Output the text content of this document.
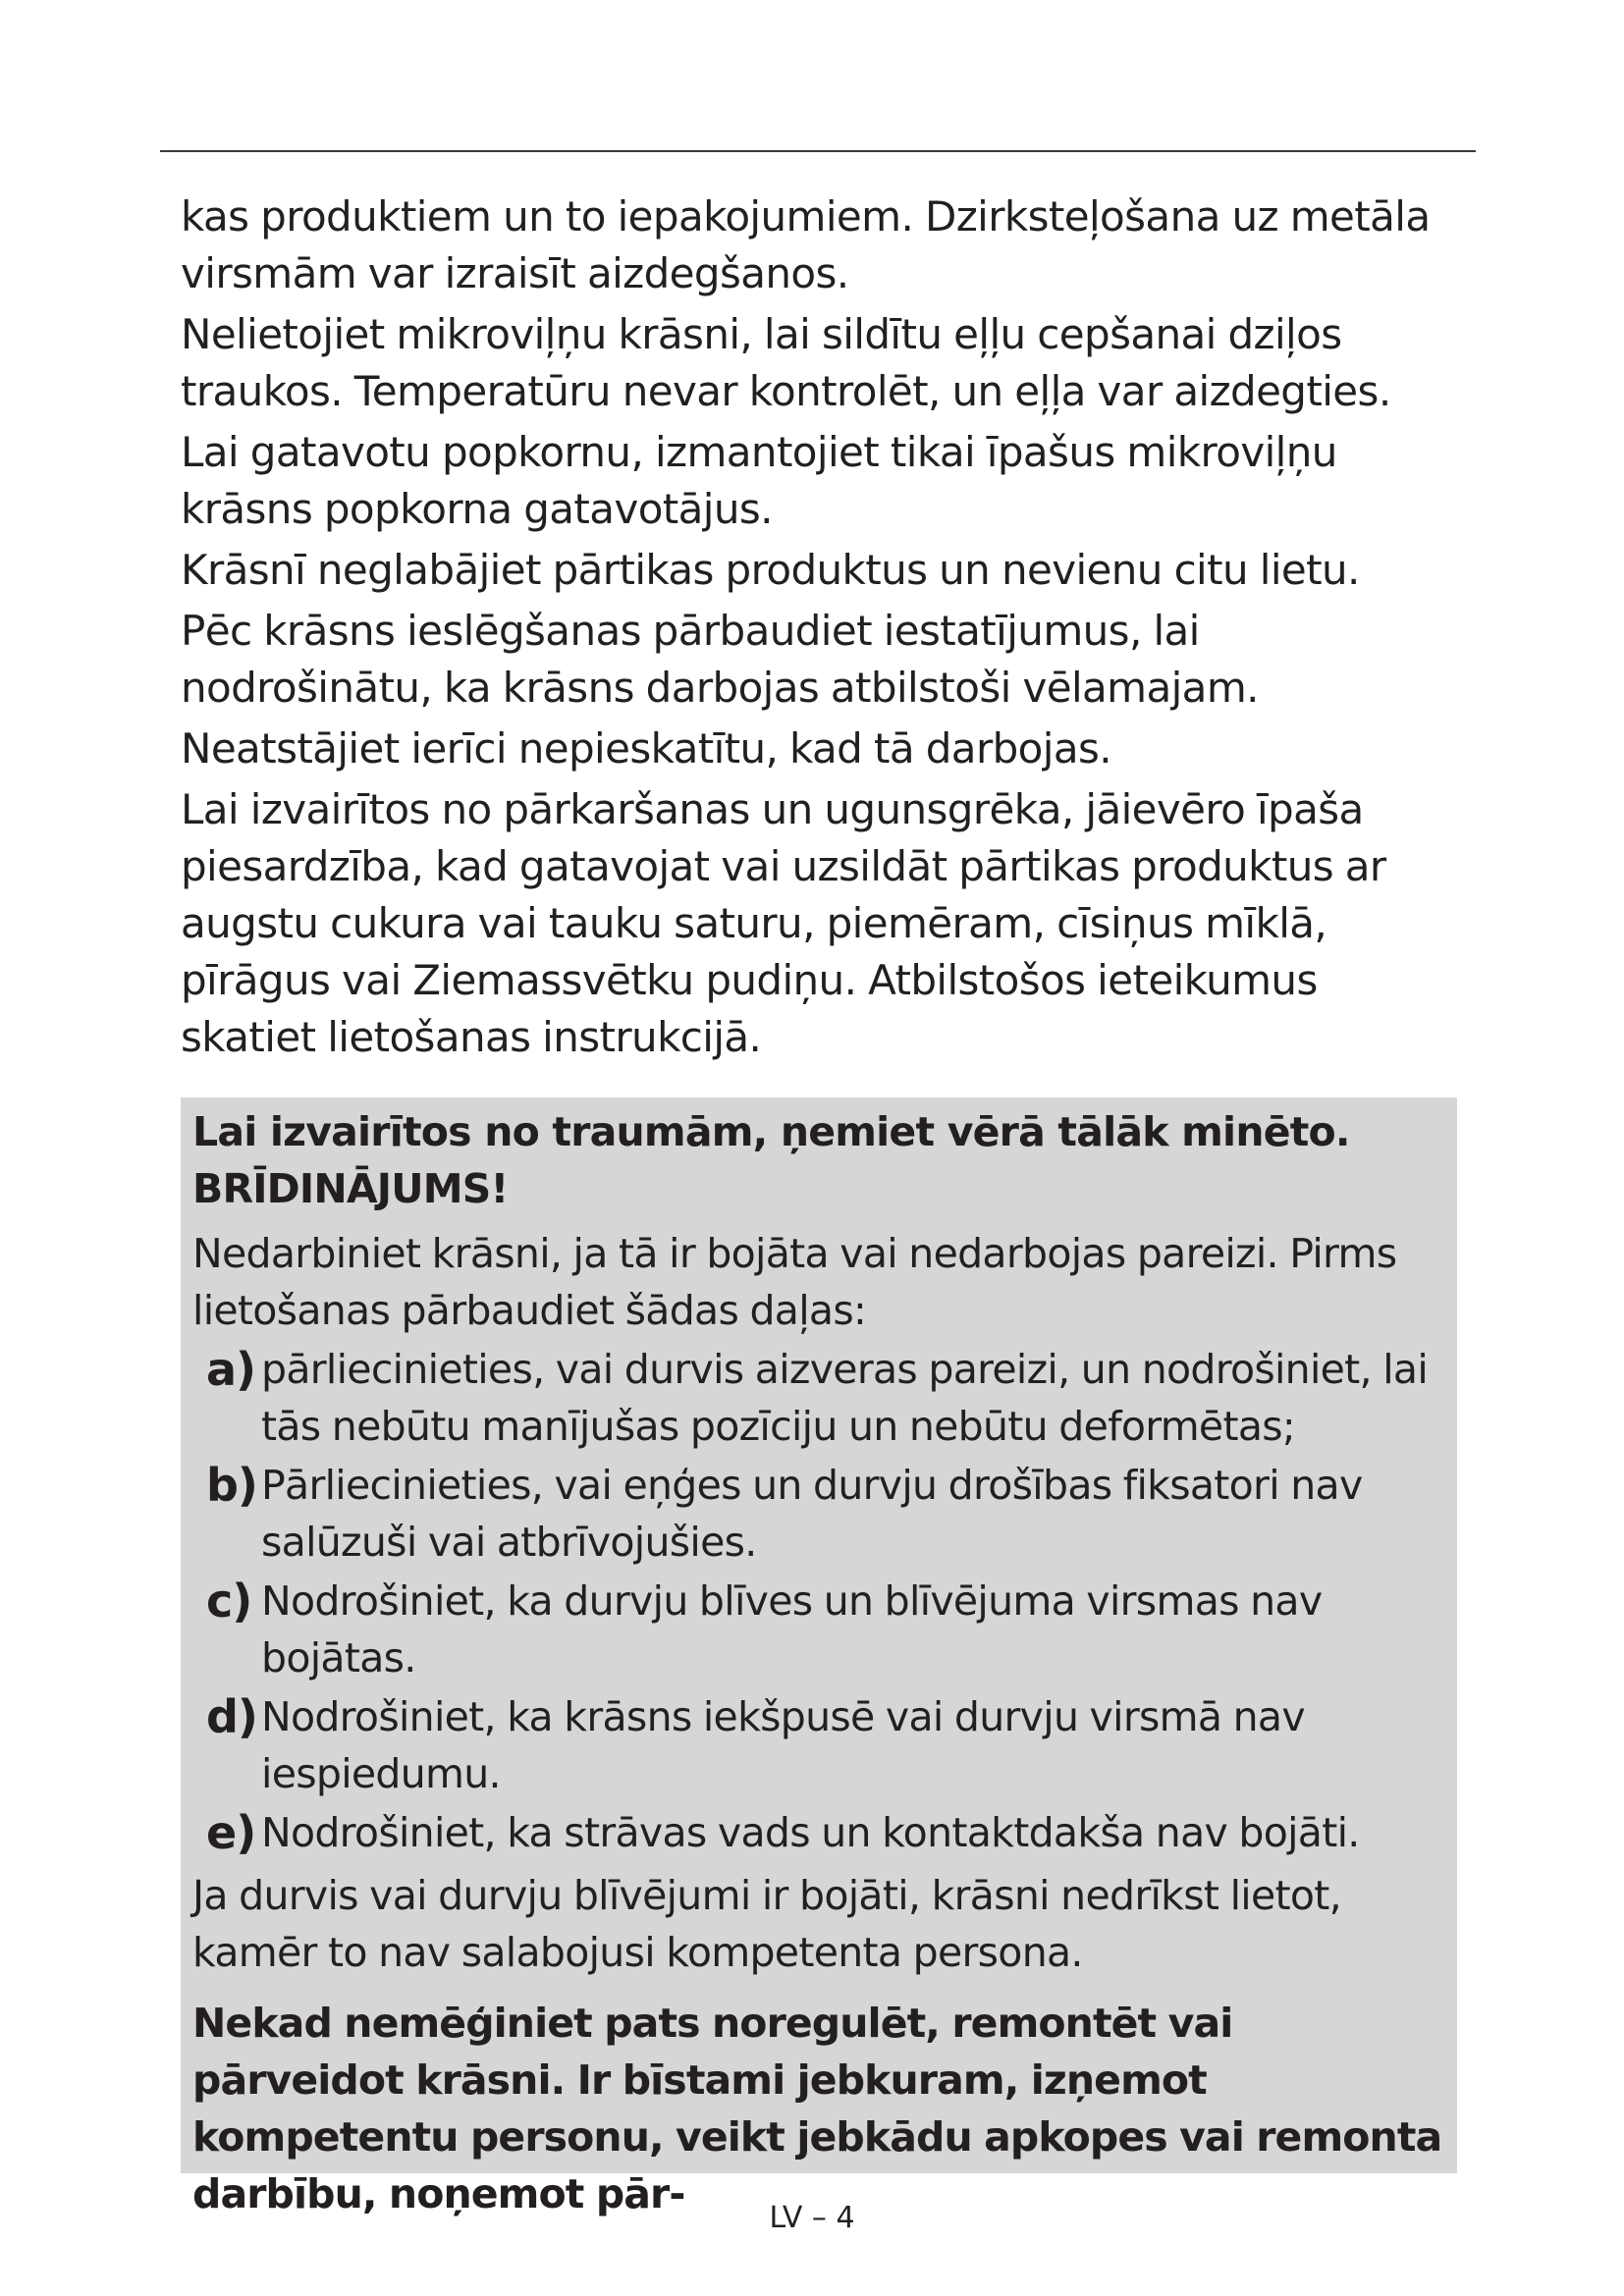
kas produktiem un to iepakojumiem. Dzirksteļošana uz metāla virsmām var izraisīt aizdegšanos.

Nelietojiet mikroviļņu krāsni, lai sildītu eļļu cepšanai dziļos traukos. Temperatūru nevar kontrolēt, un eļļa var aizdegties.

Lai gatavotu popkornu, izmantojiet tikai īpašus mikroviļņu krāsns popkorna gatavotājus.

Krāsnī neglabājiet pārtikas produktus un nevienu citu lietu.

Pēc krāsns ieslēgšanas pārbaudiet iestatījumus, lai nodrošinātu, ka krāsns darbojas atbilstoši vēlamajam.

Neatstājiet ierīci nepieskatītu, kad tā darbojas.

Lai izvairītos no pārkaršanas un ugunsgrēka, jāievēro īpaša piesardzība, kad gatavojat vai uzsildāt pārtikas produktus ar augstu cukura vai tauku saturu, piemēram, cīsiņus mīklā, pīrāgus vai Ziemassvētku pudiņu. Atbilstošos ieteikumus skatiet lietošanas instrukcijā.

Lai izvairītos no traumām, ņemiet vērā tālāk minēto. BRĪDINĀJUMS!

Nedarbiniet krāsni, ja tā ir bojāta vai nedarbojas pareizi. Pirms lietošanas pārbaudiet šādas daļas:

a) pārliecinieties, vai durvis aizveras pareizi, un nodrošiniet, lai tās nebūtu manījušas pozīciju un nebūtu deformētas;
b) Pārliecinieties, vai eņģes un durvju drošības fiksatori nav salūzuši vai atbrīvojušies.
c) Nodrošiniet, ka durvju blīves un blīvējuma virsmas nav bojātas.
d) Nodrošiniet, ka krāsns iekšpusē vai durvju virsmā nav iespiedumu.
e) Nodrošiniet, ka strāvas vads un kontaktdakša nav bojāti.

Ja durvis vai durvju blīvējumi ir bojāti, krāsni nedrīkst lietot, kamēr to nav salabojusi kompetenta persona.

Nekad nemēģiniet pats noregulēt, remontēt vai pārveidot krāsni. Ir bīstami jebkuram, izņemot kompetentu personu, veikt jebkādu apkopes vai remonta darbību, noņemot pār-

LV – 4
